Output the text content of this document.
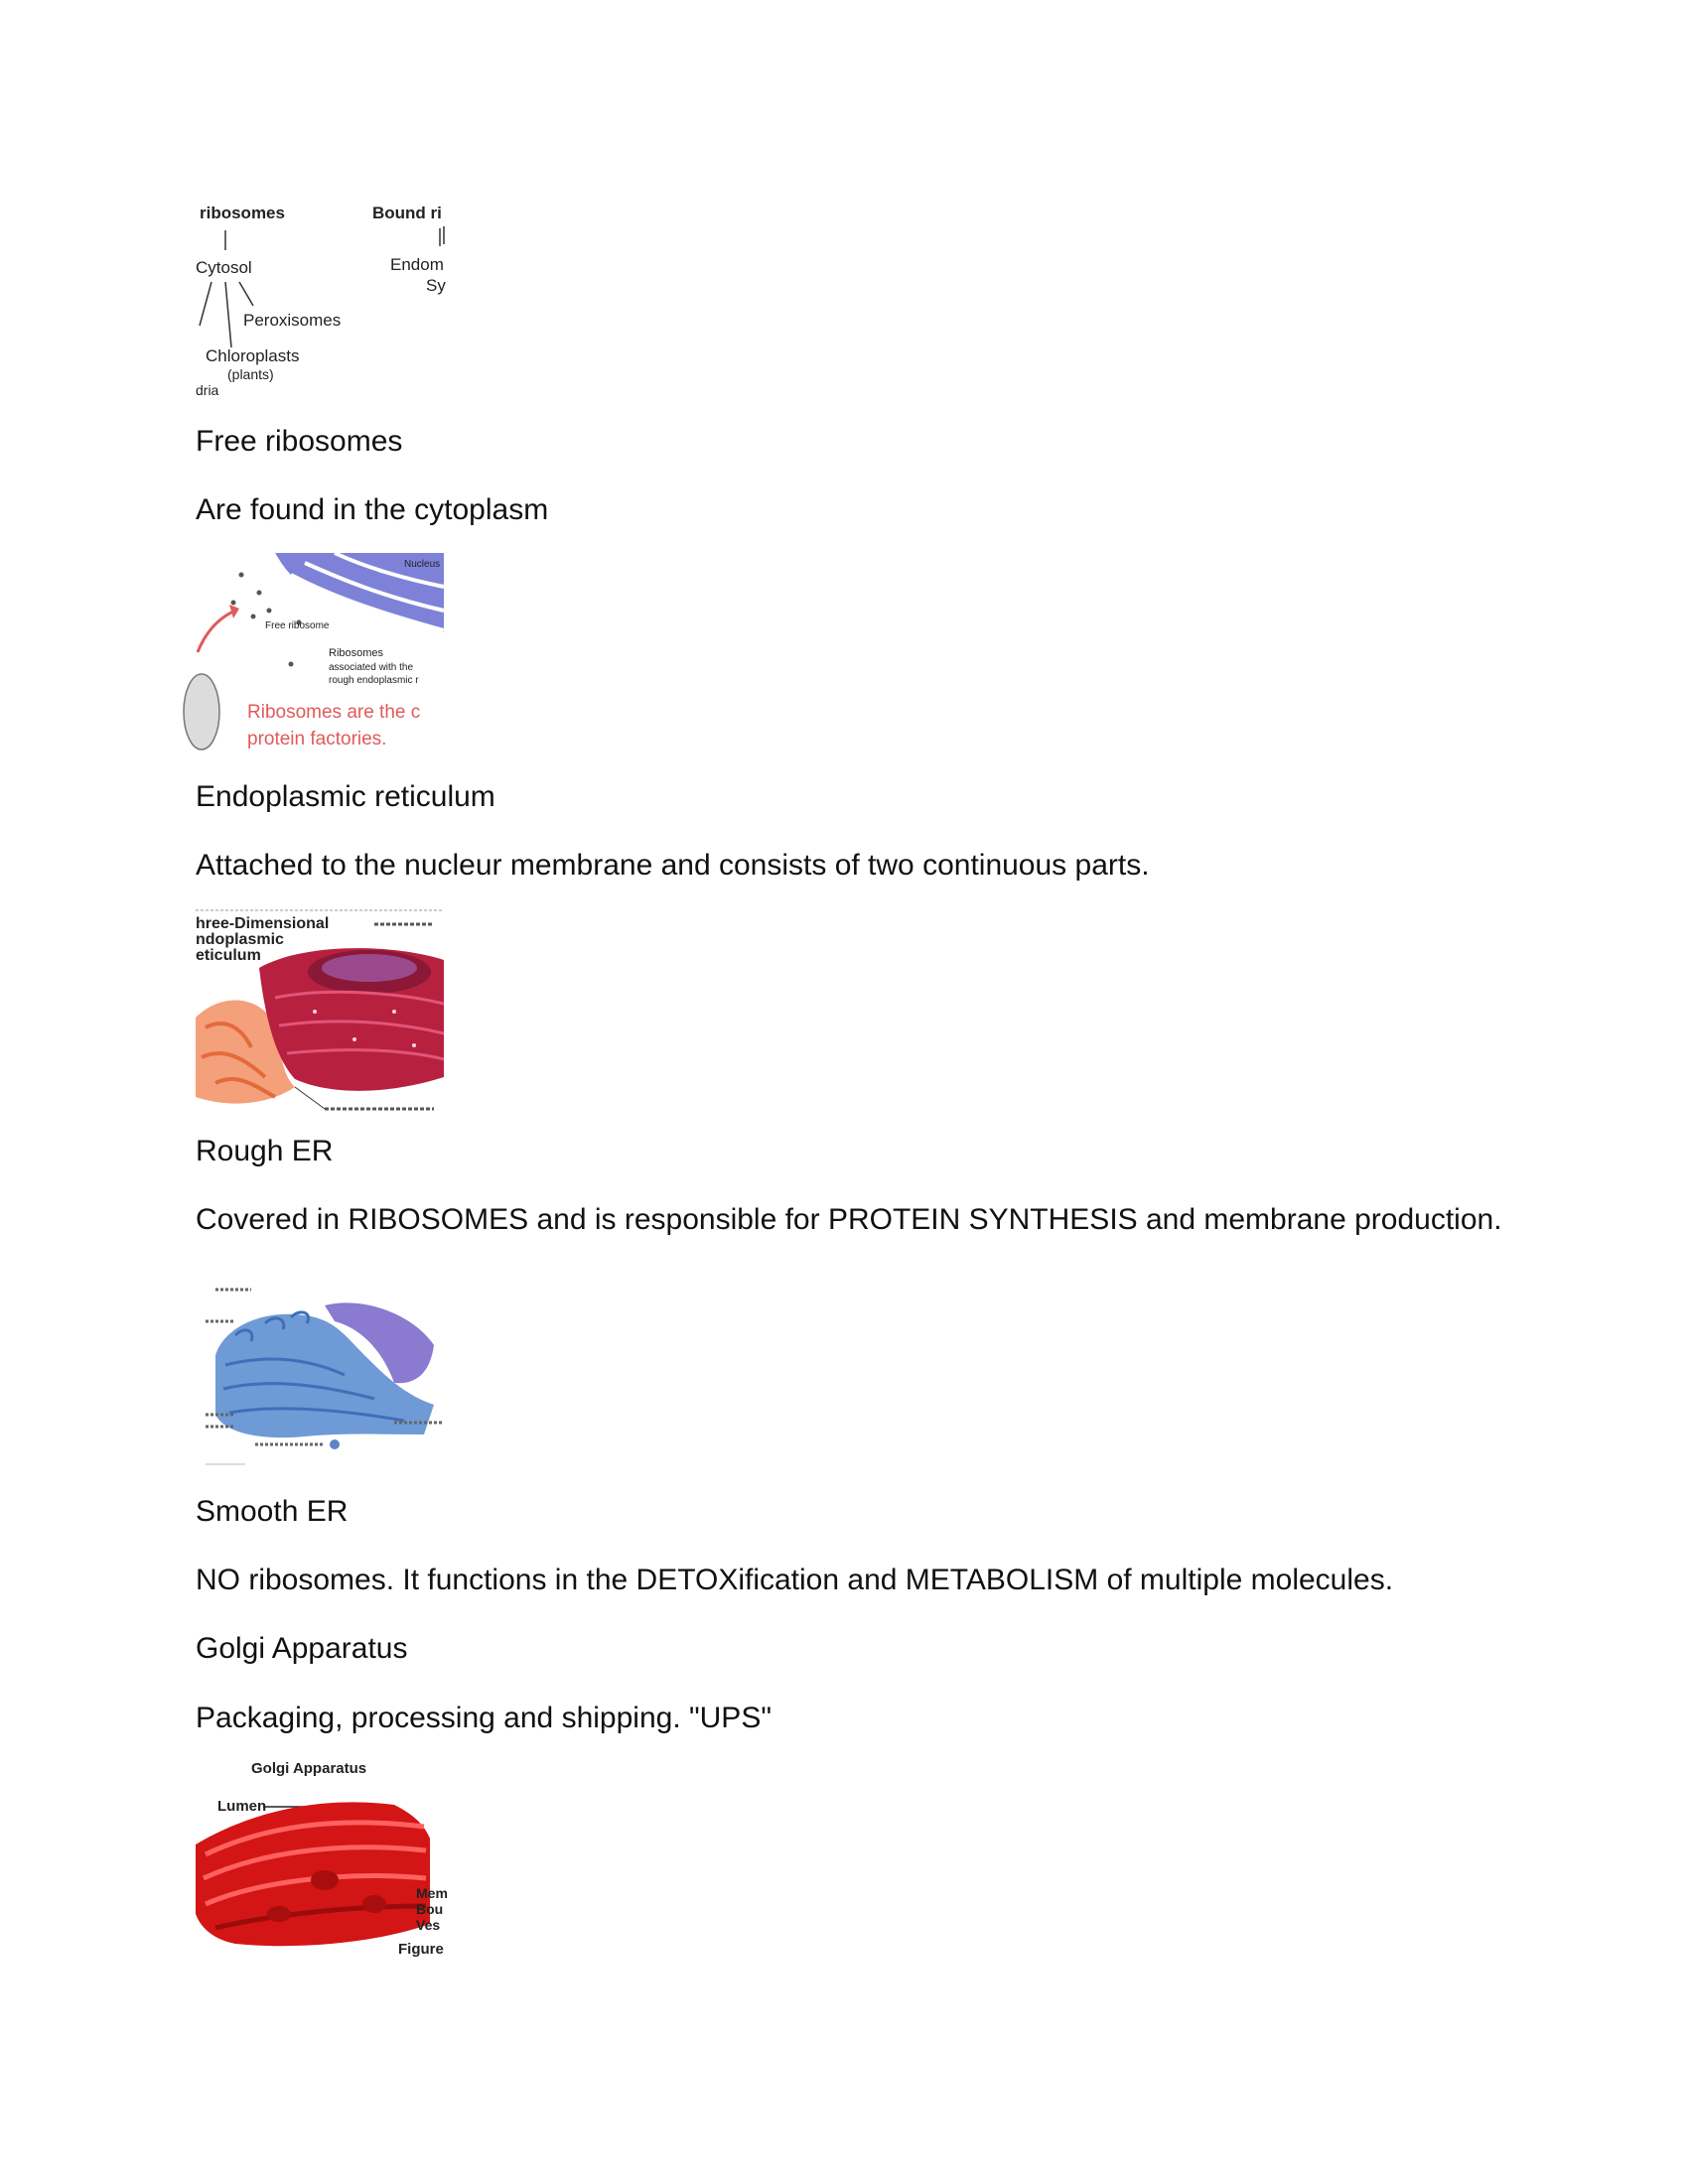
ribosomes	Bound ri
Cytosol	Endom
Sy
Peroxisomes
Chloroplasts
(plants)
dria

Free ribosomes

Are found in the cytoplasm

Nucleus
Free ribosome
Ribosomes
associated with the
rough endoplasmic r
Ribosomes are the c
protein factories.

Endoplasmic reticulum

Attached to the nucleur membrane and consists of two continuous parts.

hree-Dimensional
ndoplasmic
eticulum

Rough ER

Covered in RIBOSOMES and is responsible for PROTEIN SYNTHESIS and membrane production.

Smooth ER

NO ribosomes. It functions in the DETOXification and METABOLISM of multiple molecules.

Golgi Apparatus

Packaging, processing and shipping. "UPS"

Golgi Apparatus
Lumen
Mem
Bou
Ves
Figure
